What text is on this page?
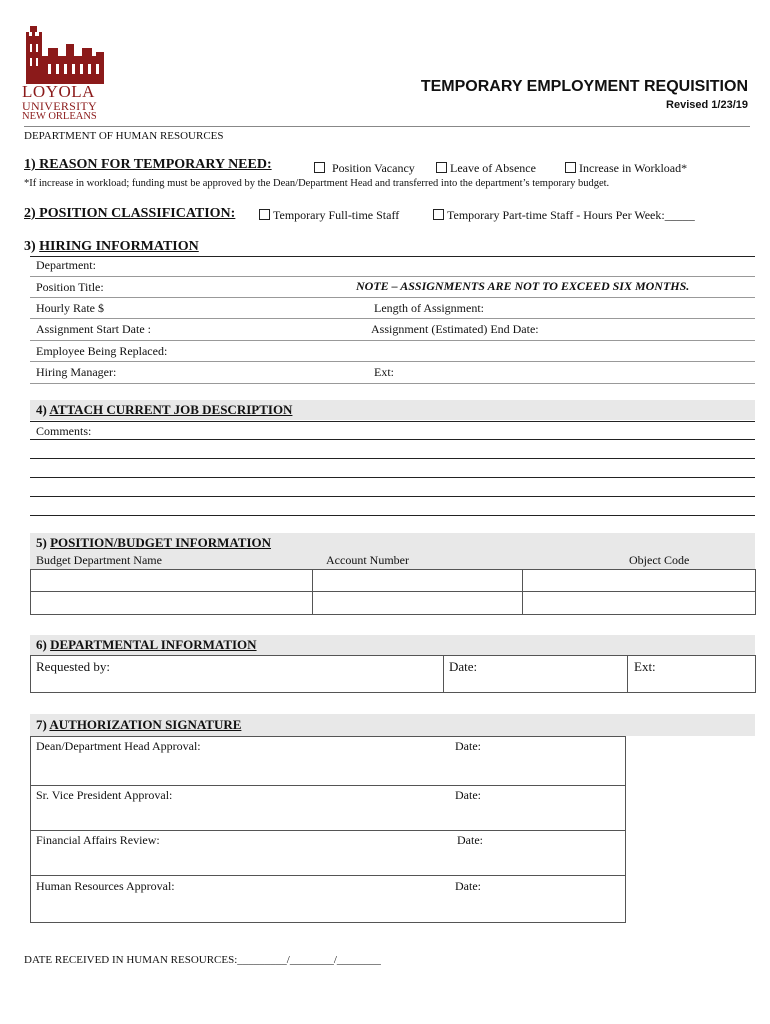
LOYOLA
UNIVERSITY
NEW ORLEANS
TEMPORARY EMPLOYMENT REQUISITION
Revised 1/23/19
DEPARTMENT OF HUMAN RESOURCES
1) REASON FOR TEMPORARY NEED:	Position Vacancy	Leave of Absence	Increase in Workload*
*If increase in workload; funding must be approved by the Dean/Department Head and transferred into the department’s temporary budget.
2) POSITION CLASSIFICATION:	Temporary Full-time Staff	Temporary Part-time Staff - Hours Per Week:_____
3) HIRING INFORMATION
Department:
Position Title:	NOTE – ASSIGNMENTS ARE NOT TO EXCEED SIX MONTHS.
Hourly Rate $	Length of Assignment:
Assignment Start Date :	Assignment (Estimated) End Date:
Employee Being Replaced:
Hiring Manager:	Ext:
4) ATTACH CURRENT JOB DESCRIPTION
Comments:
5) POSITION/BUDGET INFORMATION
Budget Department Name	Account Number	Object Code
6) DEPARTMENTAL INFORMATION
Requested by:	Date:	Ext:
7) AUTHORIZATION SIGNATURE
Dean/Department Head Approval:	Date:
Sr. Vice President Approval:	Date:
Financial Affairs Review:	Date:
Human Resources Approval:	Date:
DATE RECEIVED IN HUMAN RESOURCES:_________/________/________
